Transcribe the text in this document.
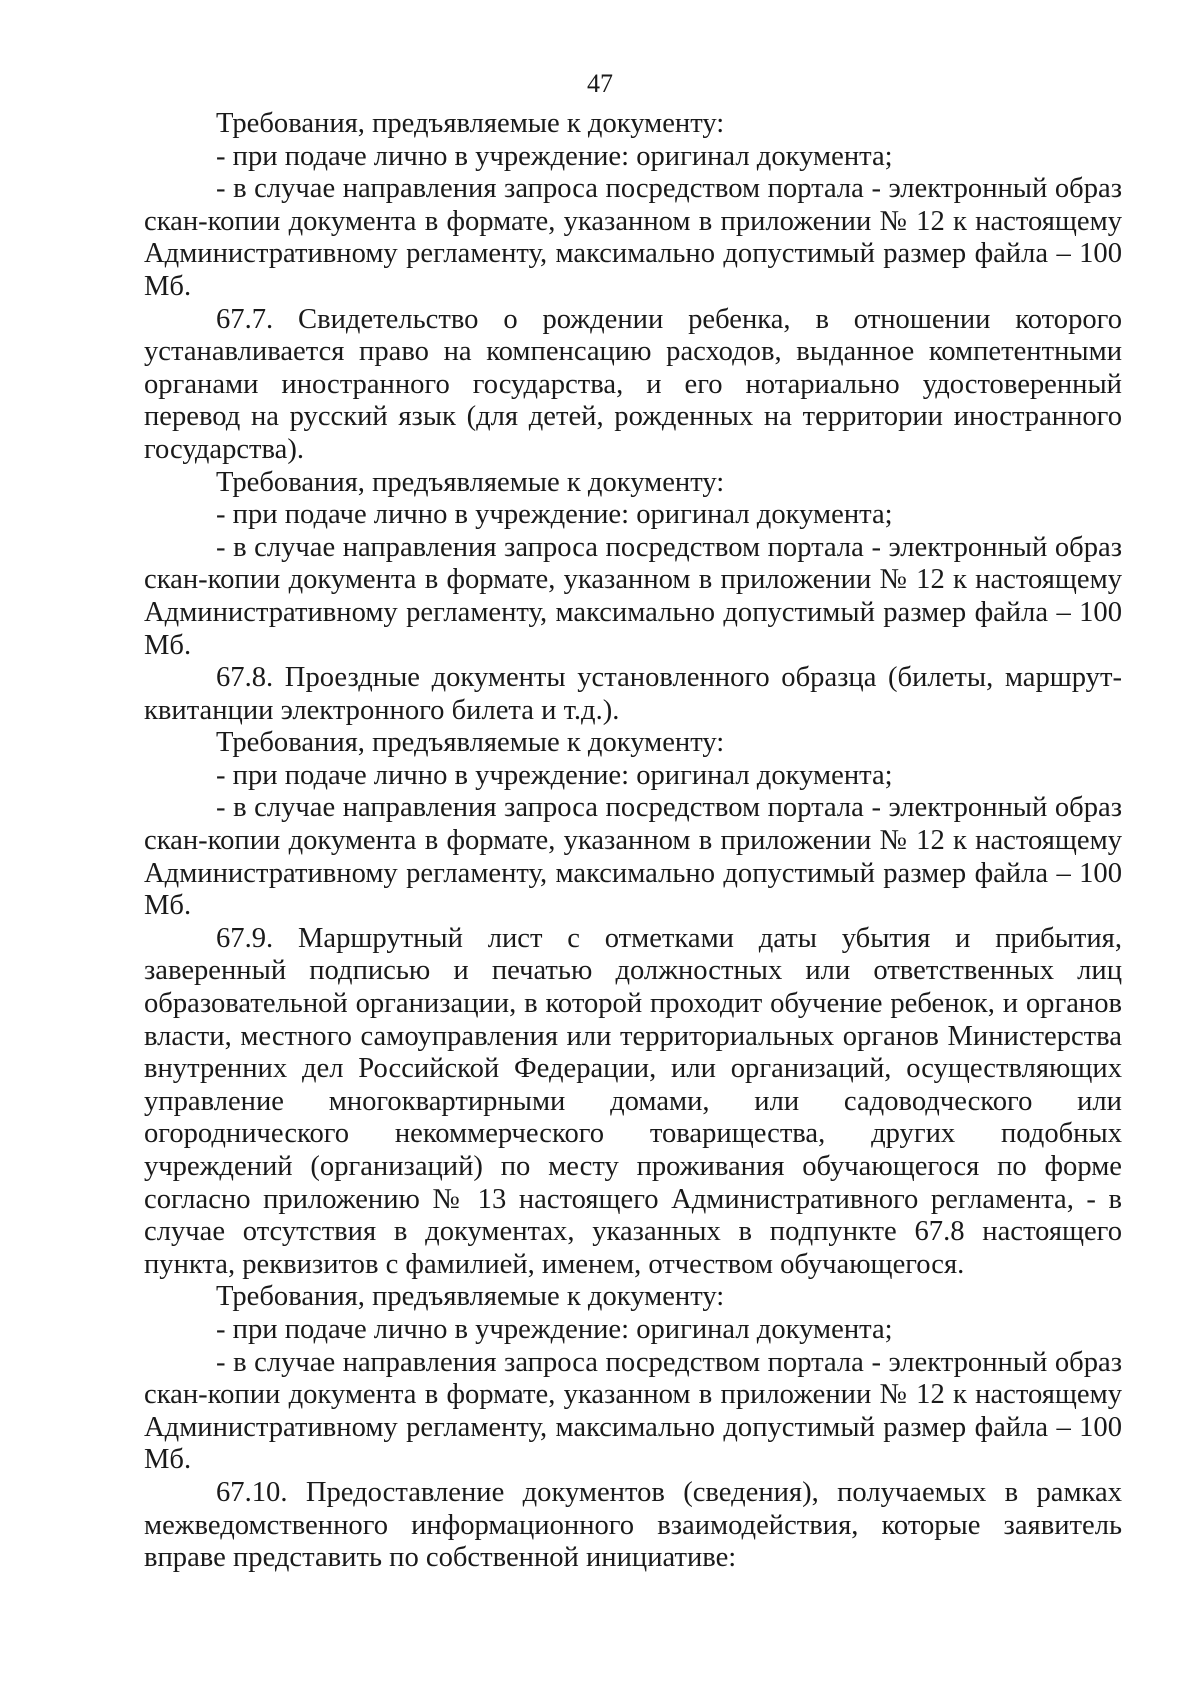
47

Требования, предъявляемые к документу:

- при подаче лично в учреждение: оригинал документа;

- в случае направления запроса посредством портала - электронный образ скан-копии документа в формате, указанном в приложении № 12 к настоящему Административному регламенту, максимально допустимый размер файла – 100 Мб.

67.7. Свидетельство о рождении ребенка, в отношении которого устанавливается право на компенсацию расходов, выданное компетентными органами иностранного государства, и его нотариально удостоверенный перевод на русский язык (для детей, рожденных на территории иностранного государства).

Требования, предъявляемые к документу:

- при подаче лично в учреждение: оригинал документа;

- в случае направления запроса посредством портала - электронный образ скан-копии документа в формате, указанном в приложении № 12 к настоящему Административному регламенту, максимально допустимый размер файла – 100 Мб.

67.8. Проездные документы установленного образца (билеты, маршрут-квитанции электронного билета и т.д.).

Требования, предъявляемые к документу:

- при подаче лично в учреждение: оригинал документа;

- в случае направления запроса посредством портала - электронный образ скан-копии документа в формате, указанном в приложении № 12 к настоящему Административному регламенту, максимально допустимый размер файла – 100 Мб.

67.9. Маршрутный лист с отметками даты убытия и прибытия, заверенный подписью и печатью должностных или ответственных лиц образовательной организации, в которой проходит обучение ребенок, и органов власти, местного самоуправления или территориальных органов Министерства внутренних дел Российской Федерации, или организаций, осуществляющих управление многоквартирными домами, или садоводческого или огороднического некоммерческого товарищества, других подобных учреждений (организаций) по месту проживания обучающегося по форме согласно приложению № 13 настоящего Административного регламента, - в случае отсутствия в документах, указанных в подпункте 67.8 настоящего пункта, реквизитов с фамилией, именем, отчеством обучающегося.

Требования, предъявляемые к документу:

- при подаче лично в учреждение: оригинал документа;

- в случае направления запроса посредством портала - электронный образ скан-копии документа в формате, указанном в приложении № 12 к настоящему Административному регламенту, максимально допустимый размер файла – 100 Мб.

67.10. Предоставление документов (сведения), получаемых в рамках межведомственного информационного взаимодействия, которые заявитель вправе представить по собственной инициативе:
